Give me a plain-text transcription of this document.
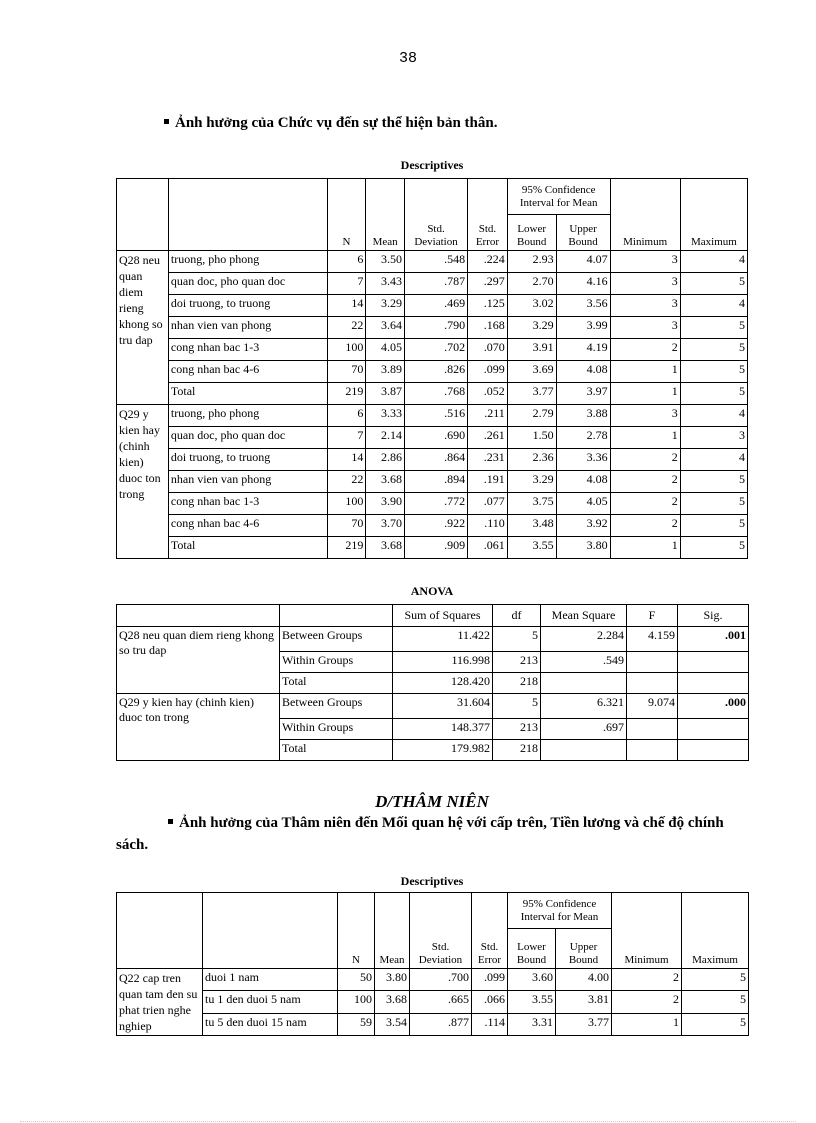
38
Ảnh hưởng của Chức vụ đến sự thể hiện bản thân.
Descriptives
		N	Mean	Std. Deviation	Std. Error	95% Confidence Interval for Mean		Minimum	Maximum
						Lower Bound	Upper Bound		
Q28 neu quan diem rieng khong so tru dap	truong, pho phong	6	3.50	.548	.224	2.93	4.07	3	4
	quan doc, pho quan doc	7	3.43	.787	.297	2.70	4.16	3	5
	doi truong, to truong	14	3.29	.469	.125	3.02	3.56	3	4
	nhan vien van phong	22	3.64	.790	.168	3.29	3.99	3	5
	cong nhan bac 1-3	100	4.05	.702	.070	3.91	4.19	2	5
	cong nhan bac 4-6	70	3.89	.826	.099	3.69	4.08	1	5
	Total	219	3.87	.768	.052	3.77	3.97	1	5
Q29 y kien hay (chinh kien) duoc ton trong	truong, pho phong	6	3.33	.516	.211	2.79	3.88	3	4
	quan doc, pho quan doc	7	2.14	.690	.261	1.50	2.78	1	3
	doi truong, to truong	14	2.86	.864	.231	2.36	3.36	2	4
	nhan vien van phong	22	3.68	.894	.191	3.29	4.08	2	5
	cong nhan bac 1-3	100	3.90	.772	.077	3.75	4.05	2	5
	cong nhan bac 4-6	70	3.70	.922	.110	3.48	3.92	2	5
	Total	219	3.68	.909	.061	3.55	3.80	1	5
ANOVA
		Sum of Squares	df	Mean Square	F	Sig.
Q28 neu quan diem rieng khong so tru dap	Between Groups	11.422	5	2.284	4.159	.001
	Within Groups	116.998	213	.549		
	Total	128.420	218			
Q29 y kien hay (chinh kien) duoc ton trong	Between Groups	31.604	5	6.321	9.074	.000
	Within Groups	148.377	213	.697		
	Total	179.982	218			
D/THÂM NIÊN
Ảnh hưởng của Thâm niên đến Mối quan hệ với cấp trên, Tiền lương và chế độ chính sách.
Descriptives
		N	Mean	Std. Deviation	Std. Error	95% Confidence Interval for Mean		Minimum	Maximum
						Lower Bound	Upper Bound		
Q22 cap tren quan tam den su phat trien nghe nghiep	duoi 1 nam	50	3.80	.700	.099	3.60	4.00	2	5
	tu 1 den duoi 5 nam	100	3.68	.665	.066	3.55	3.81	2	5
	tu 5 den duoi 15 nam	59	3.54	.877	.114	3.31	3.77	1	5
